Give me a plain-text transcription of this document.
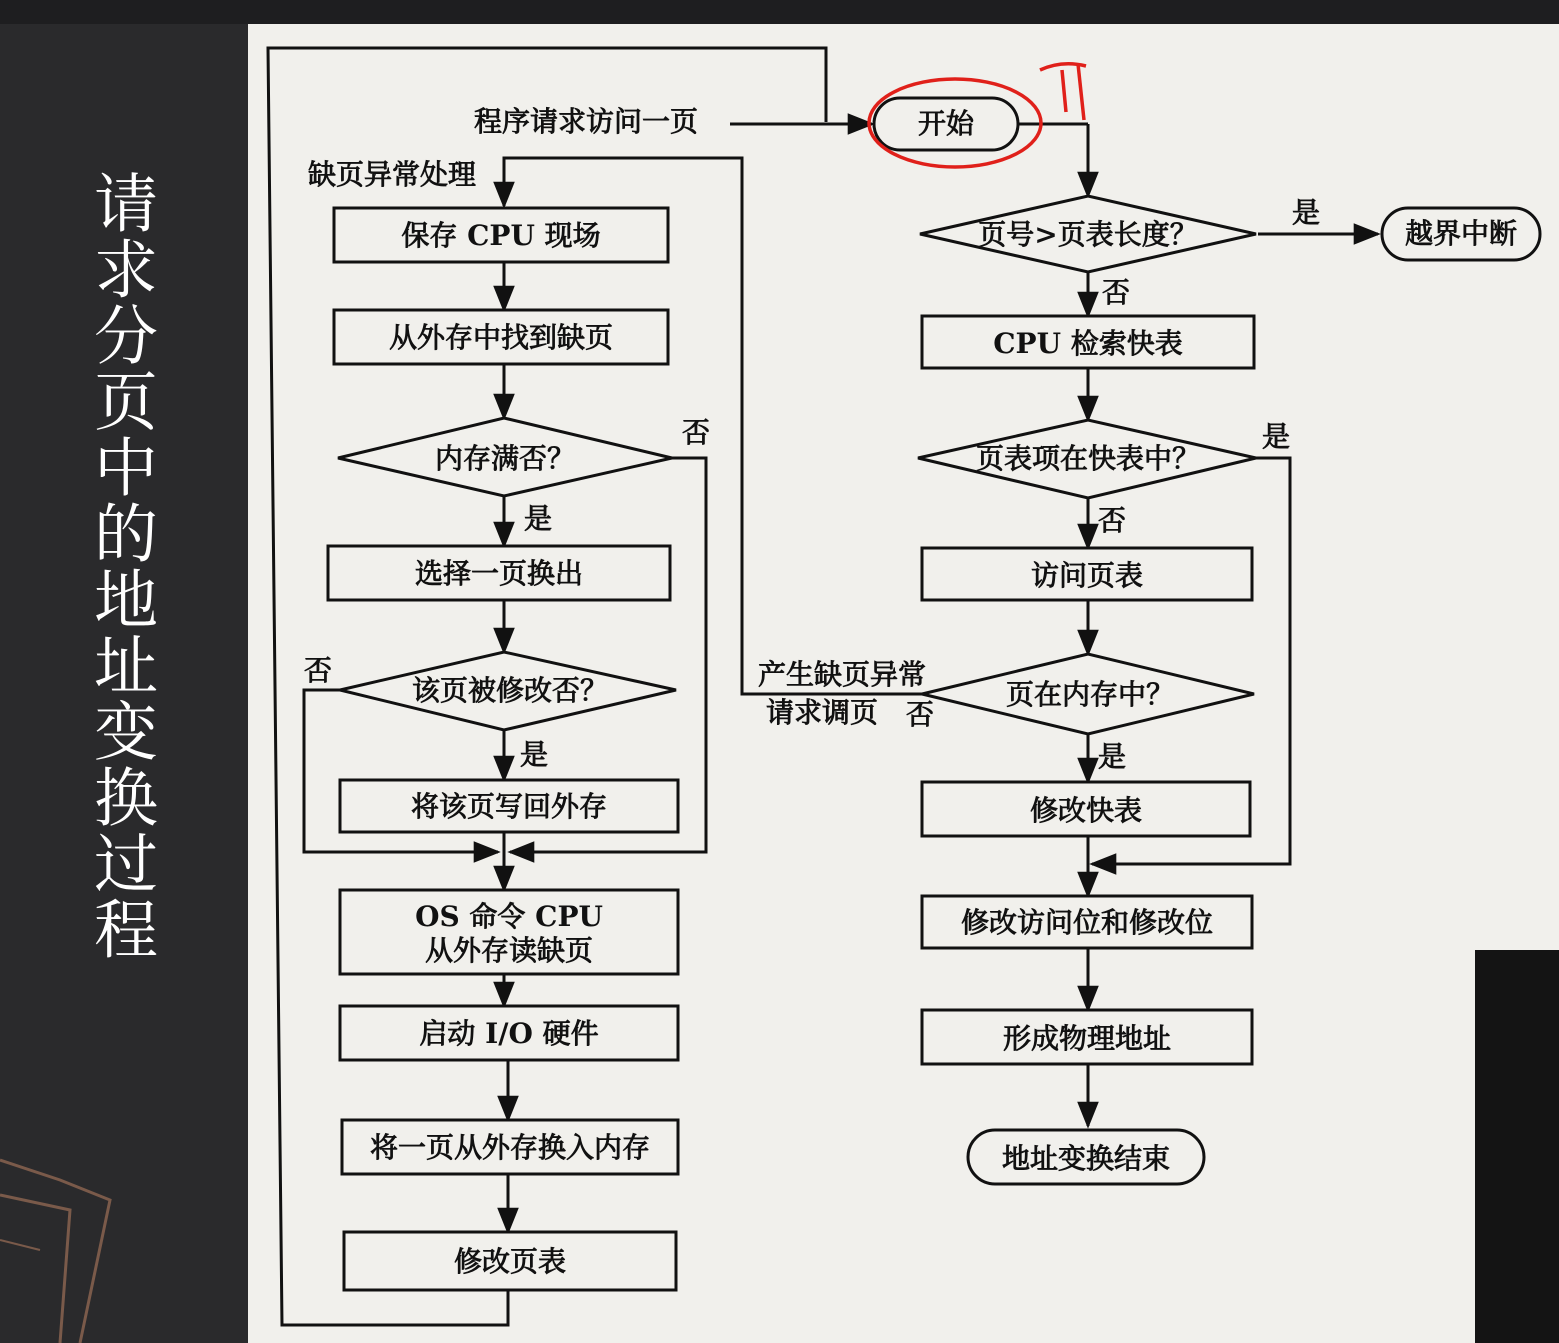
请求分页中的地址变换过程
程序请求访问一页	开始
缺页异常处理
保存 CPU 现场
从外存中找到缺页
内存满否？
选择一页换出
该页被修改否？
将该页写回外存
OS 命令 CPU
从外存读缺页
启动 I/O 硬件
将一页从外存换入内存
修改页表
页号>页表长度？	越界中断
CPU 检索快表
页表项在快表中？
访问页表
页在内存中？
修改快表
修改访问位和修改位
形成物理地址
地址变换结束
是
否
是
否
是
否
产生缺页异常
请求调页
否
是
否
是
